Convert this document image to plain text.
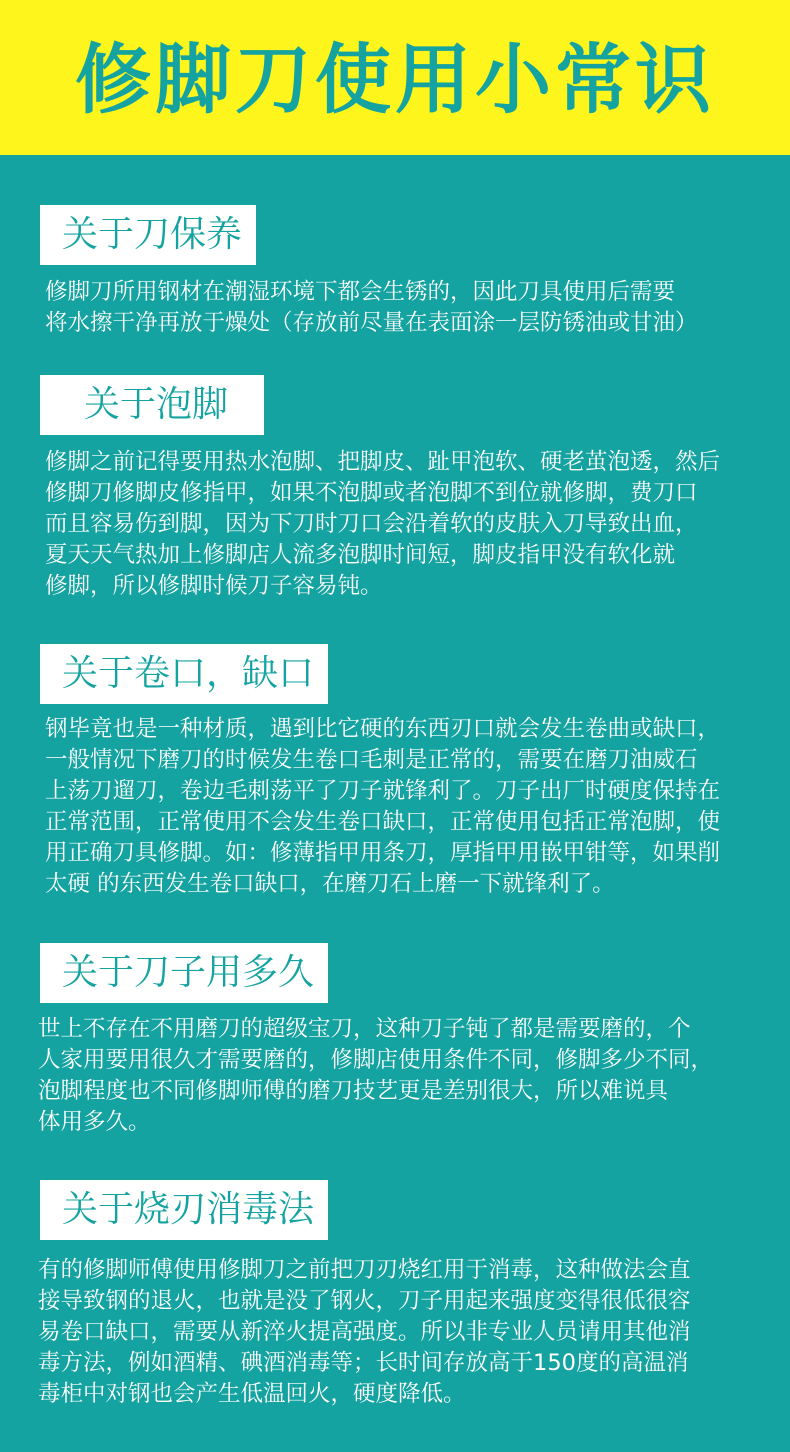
修脚刀使用小常识
关于刀保养
修脚刀所用钢材在潮湿环境下都会生锈的，因此刀具使用后需要
将水擦干净再放于燥处（存放前尽量在表面涂一层防锈油或甘油）
关于泡脚
修脚之前记得要用热水泡脚、把脚皮、趾甲泡软、硬老茧泡透，然后
修脚刀修脚皮修指甲，如果不泡脚或者泡脚不到位就修脚，费刀口
而且容易伤到脚，因为下刀时刀口会沿着软的皮肤入刀导致出血，
夏天天气热加上修脚店人流多泡脚时间短，脚皮指甲没有软化就
修脚，所以修脚时候刀子容易钝。
关于卷口，缺口
钢毕竟也是一种材质，遇到比它硬的东西刃口就会发生卷曲或缺口，
一般情况下磨刀的时候发生卷口毛刺是正常的，需要在磨刀油威石
上荡刀遛刀，卷边毛刺荡平了刀子就锋利了。刀子出厂时硬度保持在
正常范围，正常使用不会发生卷口缺口，正常使用包括正常泡脚，使
用正确刀具修脚。如：修薄指甲用条刀，厚指甲用嵌甲钳等，如果削
太硬 的东西发生卷口缺口，在磨刀石上磨一下就锋利了。
关于刀子用多久
世上不存在不用磨刀的超级宝刀，这种刀子钝了都是需要磨的，个
人家用要用很久才需要磨的，修脚店使用条件不同，修脚多少不同，
泡脚程度也不同修脚师傅的磨刀技艺更是差别很大，所以难说具
体用多久。
关于烧刃消毒法
有的修脚师傅使用修脚刀之前把刀刃烧红用于消毒，这种做法会直
接导致钢的退火，也就是没了钢火，刀子用起来强度变得很低很容
易卷口缺口，需要从新淬火提高强度。所以非专业人员请用其他消
毒方法，例如酒精、碘酒消毒等；长时间存放高于150度的高温消
毒柜中对钢也会产生低温回火，硬度降低。
